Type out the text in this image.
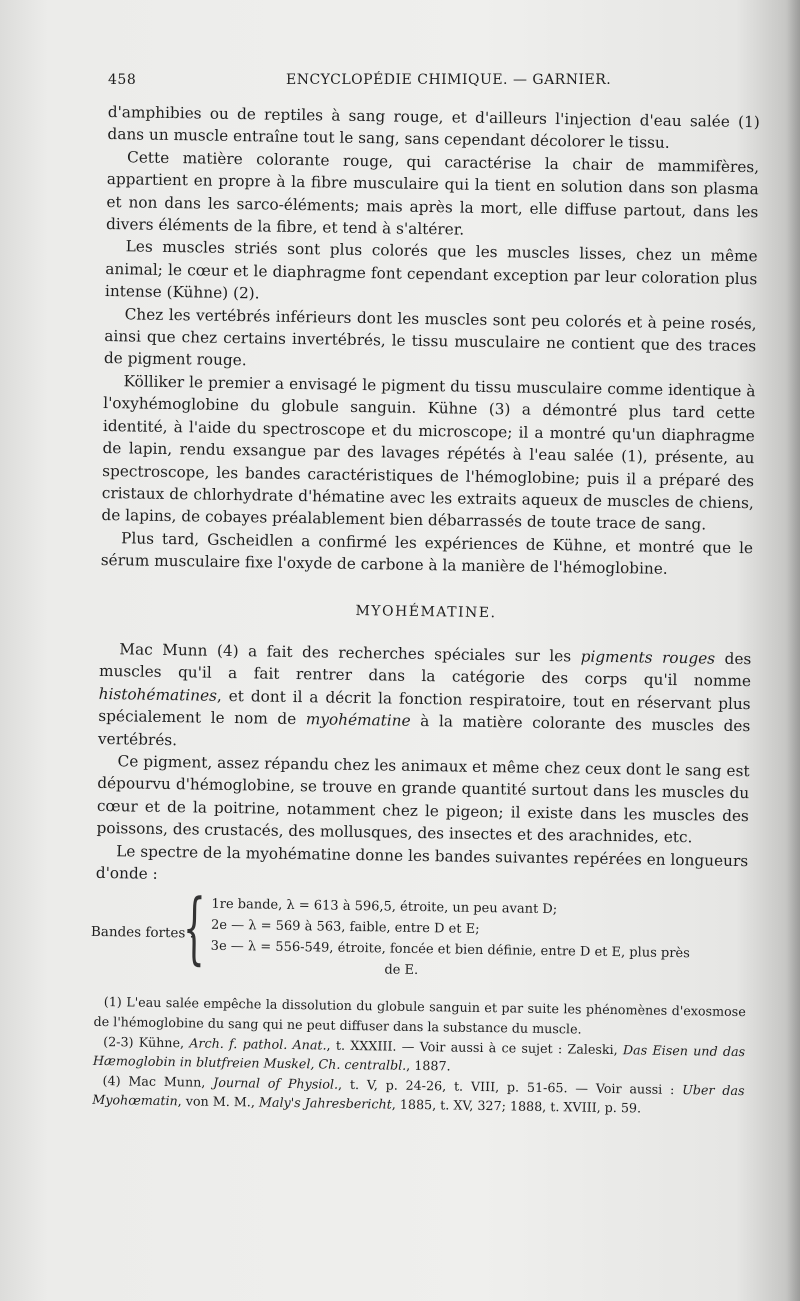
458	ENCYCLOPÉDIE CHIMIQUE. — GARNIER.

d'amphibies ou de reptiles à sang rouge, et d'ailleurs l'injection d'eau salée (1) dans un muscle entraîne tout le sang, sans cependant décolorer le tissu.

Cette matière colorante rouge, qui caractérise la chair de mammifères, appartient en propre à la fibre musculaire qui la tient en solution dans son plasma et non dans les sarco-éléments; mais après la mort, elle diffuse partout, dans les divers éléments de la fibre, et tend à s'altérer.

Les muscles striés sont plus colorés que les muscles lisses, chez un même animal; le cœur et le diaphragme font cependant exception par leur coloration plus intense (Kühne) (2).

Chez les vertébrés inférieurs dont les muscles sont peu colorés et à peine rosés, ainsi que chez certains invertébrés, le tissu musculaire ne contient que des traces de pigment rouge.

Kölliker le premier a envisagé le pigment du tissu musculaire comme identique à l'oxyhémoglobine du globule sanguin. Kühne (3) a démontré plus tard cette identité, à l'aide du spectroscope et du microscope; il a montré qu'un diaphragme de lapin, rendu exsangue par des lavages répétés à l'eau salée (1), présente, au spectroscope, les bandes caractéristiques de l'hémoglobine; puis il a préparé des cristaux de chlorhydrate d'hématine avec les extraits aqueux de muscles de chiens, de lapins, de cobayes préalablement bien débarrassés de toute trace de sang.

Plus tard, Gscheidlen a confirmé les expériences de Kühne, et montré que le sérum musculaire fixe l'oxyde de carbone à la manière de l'hémoglobine.

MYOHÉMATINE.

Mac Munn (4) a fait des recherches spéciales sur les pigments rouges des muscles qu'il a fait rentrer dans la catégorie des corps qu'il nomme histohématines, et dont il a décrit la fonction respiratoire, tout en réservant plus spécialement le nom de myohématine à la matière colorante des muscles des vertébrés.

Ce pigment, assez répandu chez les animaux et même chez ceux dont le sang est dépourvu d'hémoglobine, se trouve en grande quantité surtout dans les muscles du cœur et de la poitrine, notamment chez le pigeon; il existe dans les muscles des poissons, des crustacés, des mollusques, des insectes et des arachnides, etc.

Le spectre de la myohématine donne les bandes suivantes repérées en longueurs d'onde :

Bandes fortes .
{ 1re bande, λ = 613 à 596,5, étroite, un peu avant D;
2e — λ = 569 à 563, faible, entre D et E;
3e — λ = 556-549, étroite, foncée et bien définie, entre D et E, plus près
de E.

(1) L'eau salée empêche la dissolution du globule sanguin et par suite les phénomènes d'exosmose de l'hémoglobine du sang qui ne peut diffuser dans la substance du muscle.

(2-3) Kühne, Arch. f. pathol. Anat., t. XXXIII. — Voir aussi à ce sujet : Zaleski, Das Eisen und das Hæmoglobin in blutfreien Muskel, Ch. centralbl., 1887.

(4) Mac Munn, Journal of Physiol., t. V, p. 24-26, t. VIII, p. 51-65. — Voir aussi : Uber das Myohœmatin, von M. M., Maly's Jahresbericht, 1885, t. XV, 327; 1888, t. XVIII, p. 59.
